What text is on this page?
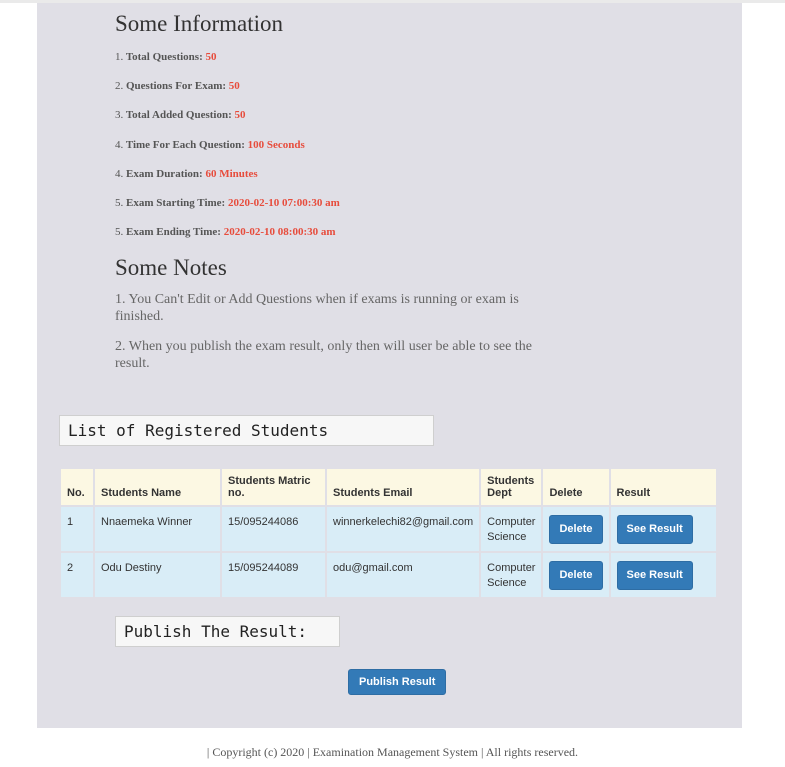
Some Information

1. Total Questions: 50

2. Questions For Exam: 50

3. Total Added Question: 50

4. Time For Each Question: 100 Seconds

4. Exam Duration: 60 Minutes

5. Exam Starting Time: 2020-02-10 07:00:30 am

5. Exam Ending Time: 2020-02-10 08:00:30 am

Some Notes

1. You Can't Edit or Add Questions when if exams is running or exam is finished.

2. When you publish the exam result, only then will user be able to see the result.

List of Registered Students
No.	Students Name	Students Matric no.	Students Email	Students Dept	Delete	Result
1	Nnaemeka Winner	15/095244086	winnerkelechi82@gmail.com	Computer Science	Delete	See Result
2	Odu Destiny	15/095244089	odu@gmail.com	Computer Science	Delete	See Result
Publish The Result:
Publish Result
| Copyright (c) 2020 | Examination Management System | All rights reserved.
